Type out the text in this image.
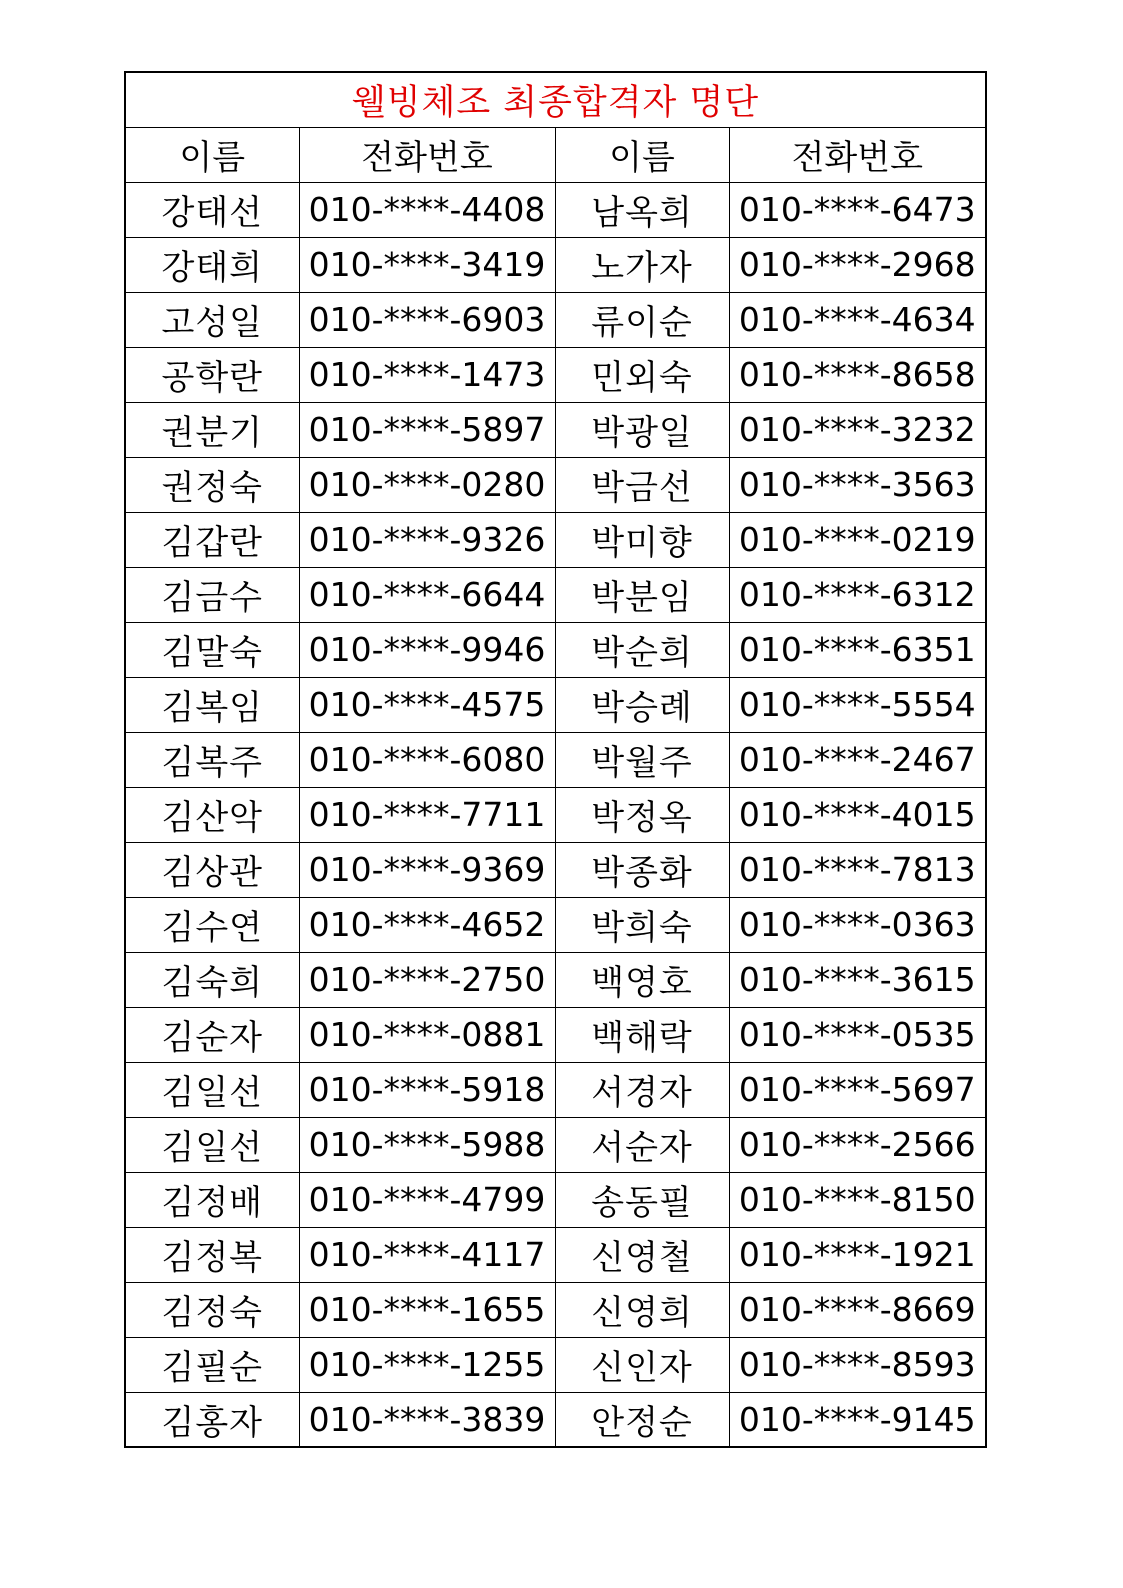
웰빙체조 최종합격자 명단			
이름	전화번호	이름	전화번호
강태선	010-****-4408	남옥희	010-****-6473
강태희	010-****-3419	노가자	010-****-2968
고성일	010-****-6903	류이순	010-****-4634
공학란	010-****-1473	민외숙	010-****-8658
권분기	010-****-5897	박광일	010-****-3232
권정숙	010-****-0280	박금선	010-****-3563
김갑란	010-****-9326	박미향	010-****-0219
김금수	010-****-6644	박분임	010-****-6312
김말숙	010-****-9946	박순희	010-****-6351
김복임	010-****-4575	박승례	010-****-5554
김복주	010-****-6080	박월주	010-****-2467
김산악	010-****-7711	박정옥	010-****-4015
김상관	010-****-9369	박종화	010-****-7813
김수연	010-****-4652	박희숙	010-****-0363
김숙희	010-****-2750	백영호	010-****-3615
김순자	010-****-0881	백해락	010-****-0535
김일선	010-****-5918	서경자	010-****-5697
김일선	010-****-5988	서순자	010-****-2566
김정배	010-****-4799	송동필	010-****-8150
김정복	010-****-4117	신영철	010-****-1921
김정숙	010-****-1655	신영희	010-****-8669
김필순	010-****-1255	신인자	010-****-8593
김홍자	010-****-3839	안정순	010-****-9145
